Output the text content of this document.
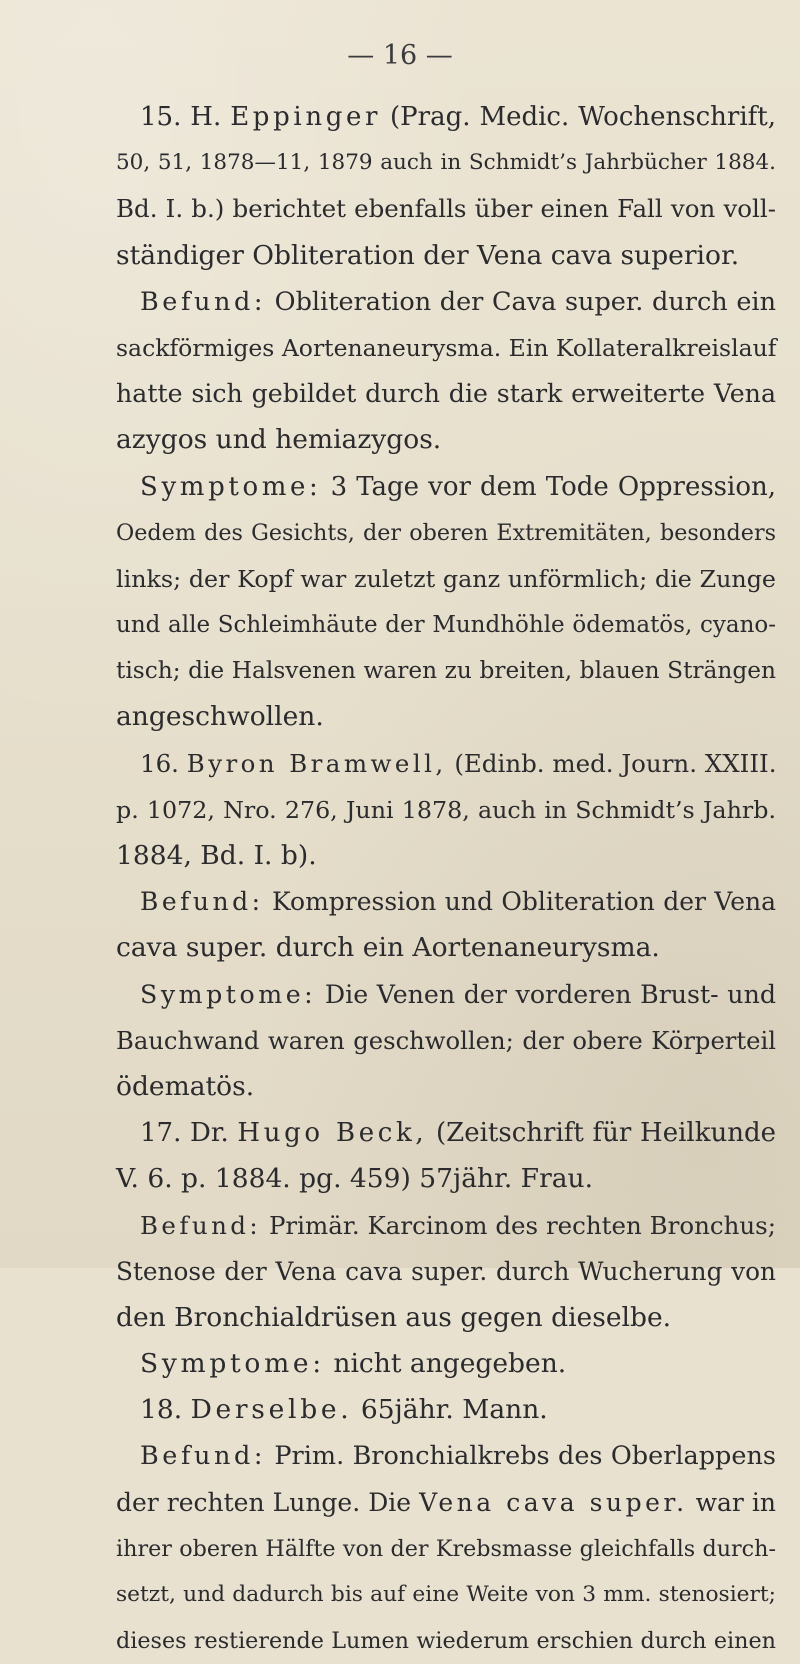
— 16 —
15. H. Eppinger (Prag. Medic. Wochenschrift,
50, 51, 1878—11, 1879 auch in Schmidt’s Jahrbücher 1884.
Bd. I. b.) berichtet ebenfalls über einen Fall von voll-
ständiger Obliteration der Vena cava superior.
Befund: Obliteration der Cava super. durch ein
sackförmiges Aortenaneurysma. Ein Kollateralkreislauf
hatte sich gebildet durch die stark erweiterte Vena
azygos und hemiazygos.
Symptome: 3 Tage vor dem Tode Oppression,
Oedem des Gesichts, der oberen Extremitäten, besonders
links; der Kopf war zuletzt ganz unförmlich; die Zunge
und alle Schleimhäute der Mundhöhle ödematös, cyano-
tisch; die Halsvenen waren zu breiten, blauen Strängen
angeschwollen.
16. Byron Bramwell, (Edinb. med. Journ. XXIII.
p. 1072, Nro. 276, Juni 1878, auch in Schmidt’s Jahrb.
1884, Bd. I. b).
Befund: Kompression und Obliteration der Vena
cava super. durch ein Aortenaneurysma.
Symptome: Die Venen der vorderen Brust- und
Bauchwand waren geschwollen; der obere Körperteil
ödematös.
17. Dr. Hugo Beck, (Zeitschrift für Heilkunde
V. 6. p. 1884. pg. 459) 57jähr. Frau.
Befund: Primär. Karcinom des rechten Bronchus;
Stenose der Vena cava super. durch Wucherung von
den Bronchialdrüsen aus gegen dieselbe.
Symptome: nicht angegeben.
18. Derselbe. 65jähr. Mann.
Befund: Prim. Bronchialkrebs des Oberlappens
der rechten Lunge. Die Vena cava super. war in
ihrer oberen Hälfte von der Krebsmasse gleichfalls durch-
setzt, und dadurch bis auf eine Weite von 3 mm. stenosiert;
dieses restierende Lumen wiederum erschien durch einen
